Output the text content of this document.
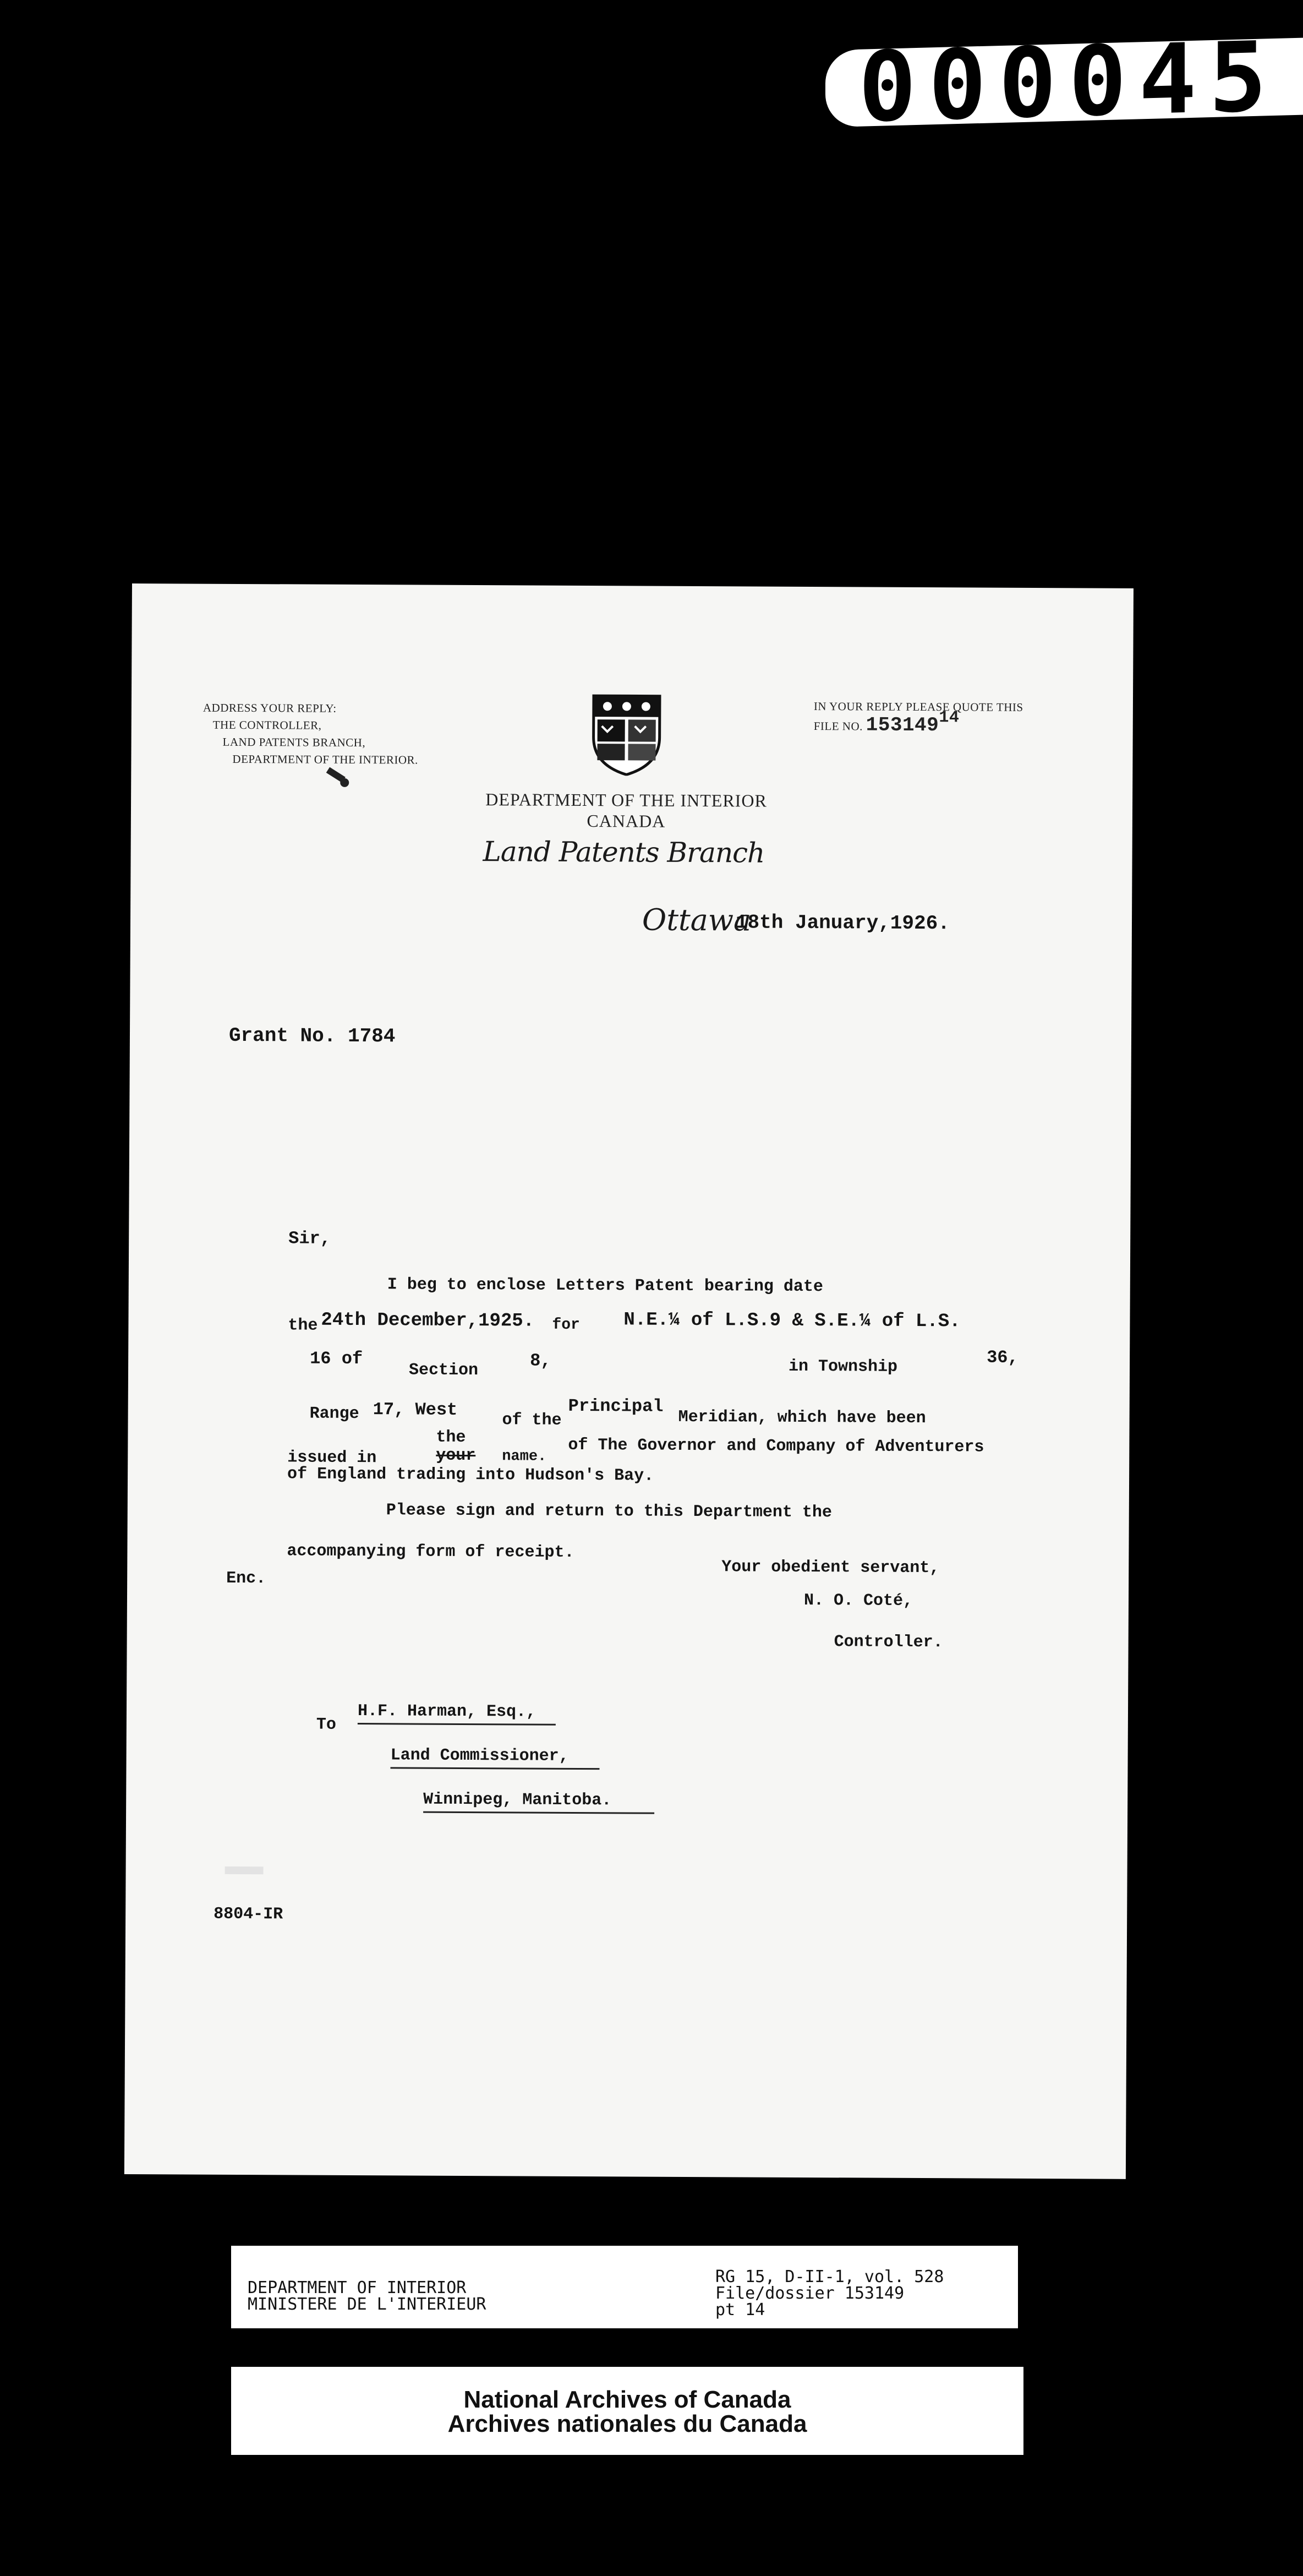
000045
ADDRESS YOUR REPLY:
THE CONTROLLER,
LAND PATENTS BRANCH,
DEPARTMENT OF THE INTERIOR.
IN YOUR REPLY PLEASE QUOTE THIS
FILE NO. 15314914
DEPARTMENT OF THE INTERIOR
CANADA
Land Patents Branch
Ottawa
18th January,1926.
Grant No. 1784
Sir,
I beg to enclose Letters Patent bearing date
the 24th December,1925. for N.E.¼ of L.S.9 & S.E.¼ of L.S.
16 of
Section	8,	in Township	36,
Range 17, West
of the
Principal
Meridian, which have been
issued in
the
your name. of The Governor and Company of Adventurers
of England trading into Hudson's Bay.
Please sign and return to this Department the
accompanying form of receipt.
Enc.
Your obedient servant,
N. O. Coté,
Controller.
To
H.F. Harman, Esq.,
Land Commissioner,
Winnipeg, Manitoba.
8804-IR
DEPARTMENT OF INTERIOR
MINISTERE DE L'INTERIEUR
RG 15, D-II-1, vol. 528
File/dossier 153149
pt 14
National Archives of Canada
Archives nationales du Canada
